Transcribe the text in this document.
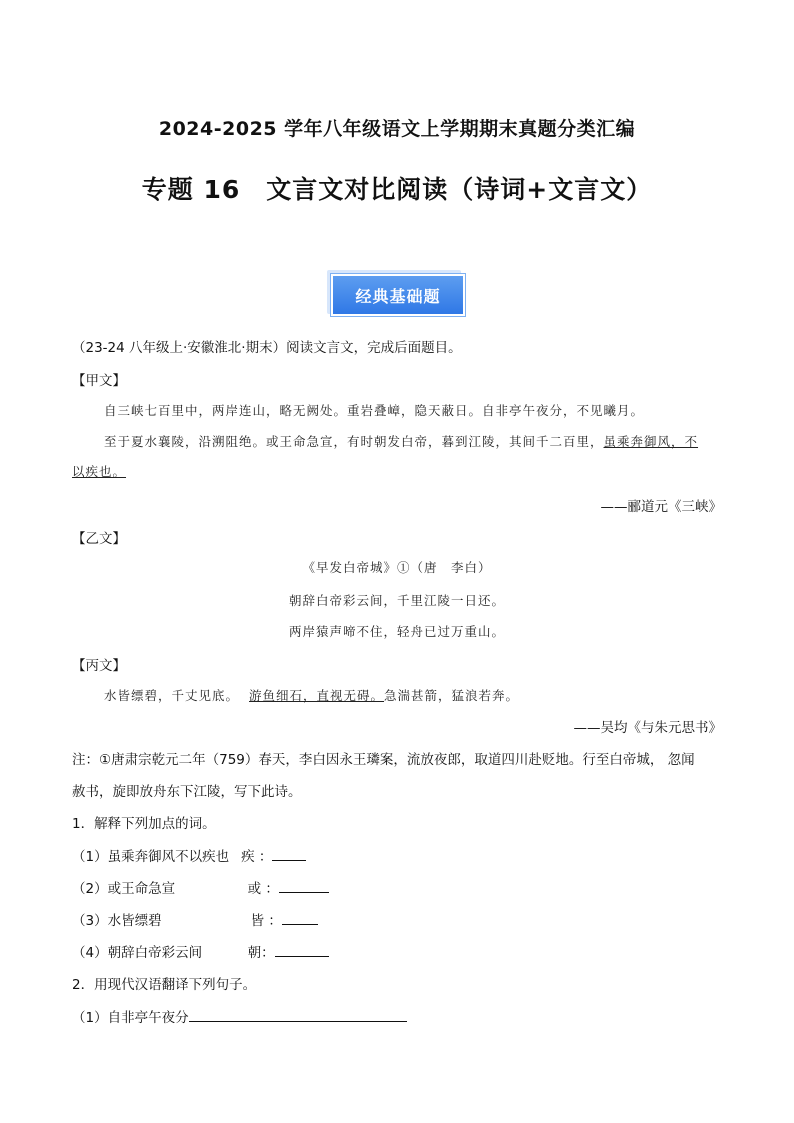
2024-2025 学年八年级语文上学期期末真题分类汇编
专题 16　文言文对比阅读（诗词+文言文）
经典基础题
（23-24 八年级上·安徽淮北·期末）阅读文言文，完成后面题目。
【甲文】
自三峡七百里中，两岸连山，略无阙处。重岩叠嶂，隐天蔽日。自非亭午夜分，不见曦月。
至于夏水襄陵，沿溯阻绝。或王命急宣，有时朝发白帝，暮到江陵，其间千二百里，虽乘奔御风，不
以疾也。
——郦道元《三峡》
【乙文】
《早发白帝城》①（唐　李白）
朝辞白帝彩云间，千里江陵一日还。
两岸猿声啼不住，轻舟已过万重山。
【丙文】
水皆缥碧，千丈见底。 游鱼细石，直视无碍。急湍甚箭，猛浪若奔。
——吴均《与朱元思书》
注：①唐肃宗乾元二年（759）春天，李白因永王璘案，流放夜郎，取道四川赴贬地。行至白帝城， 忽闻
赦书，旋即放舟东下江陵，写下此诗。
1．解释下列加点的词。
（1）虽乘奔御风不以疾也 疾 ：
（2）或王命急宣	或 ：
（3）水皆缥碧	皆 ：
（4）朝辞白帝彩云间	朝：
2．用现代汉语翻译下列句子。
（1）自非亭午夜分
